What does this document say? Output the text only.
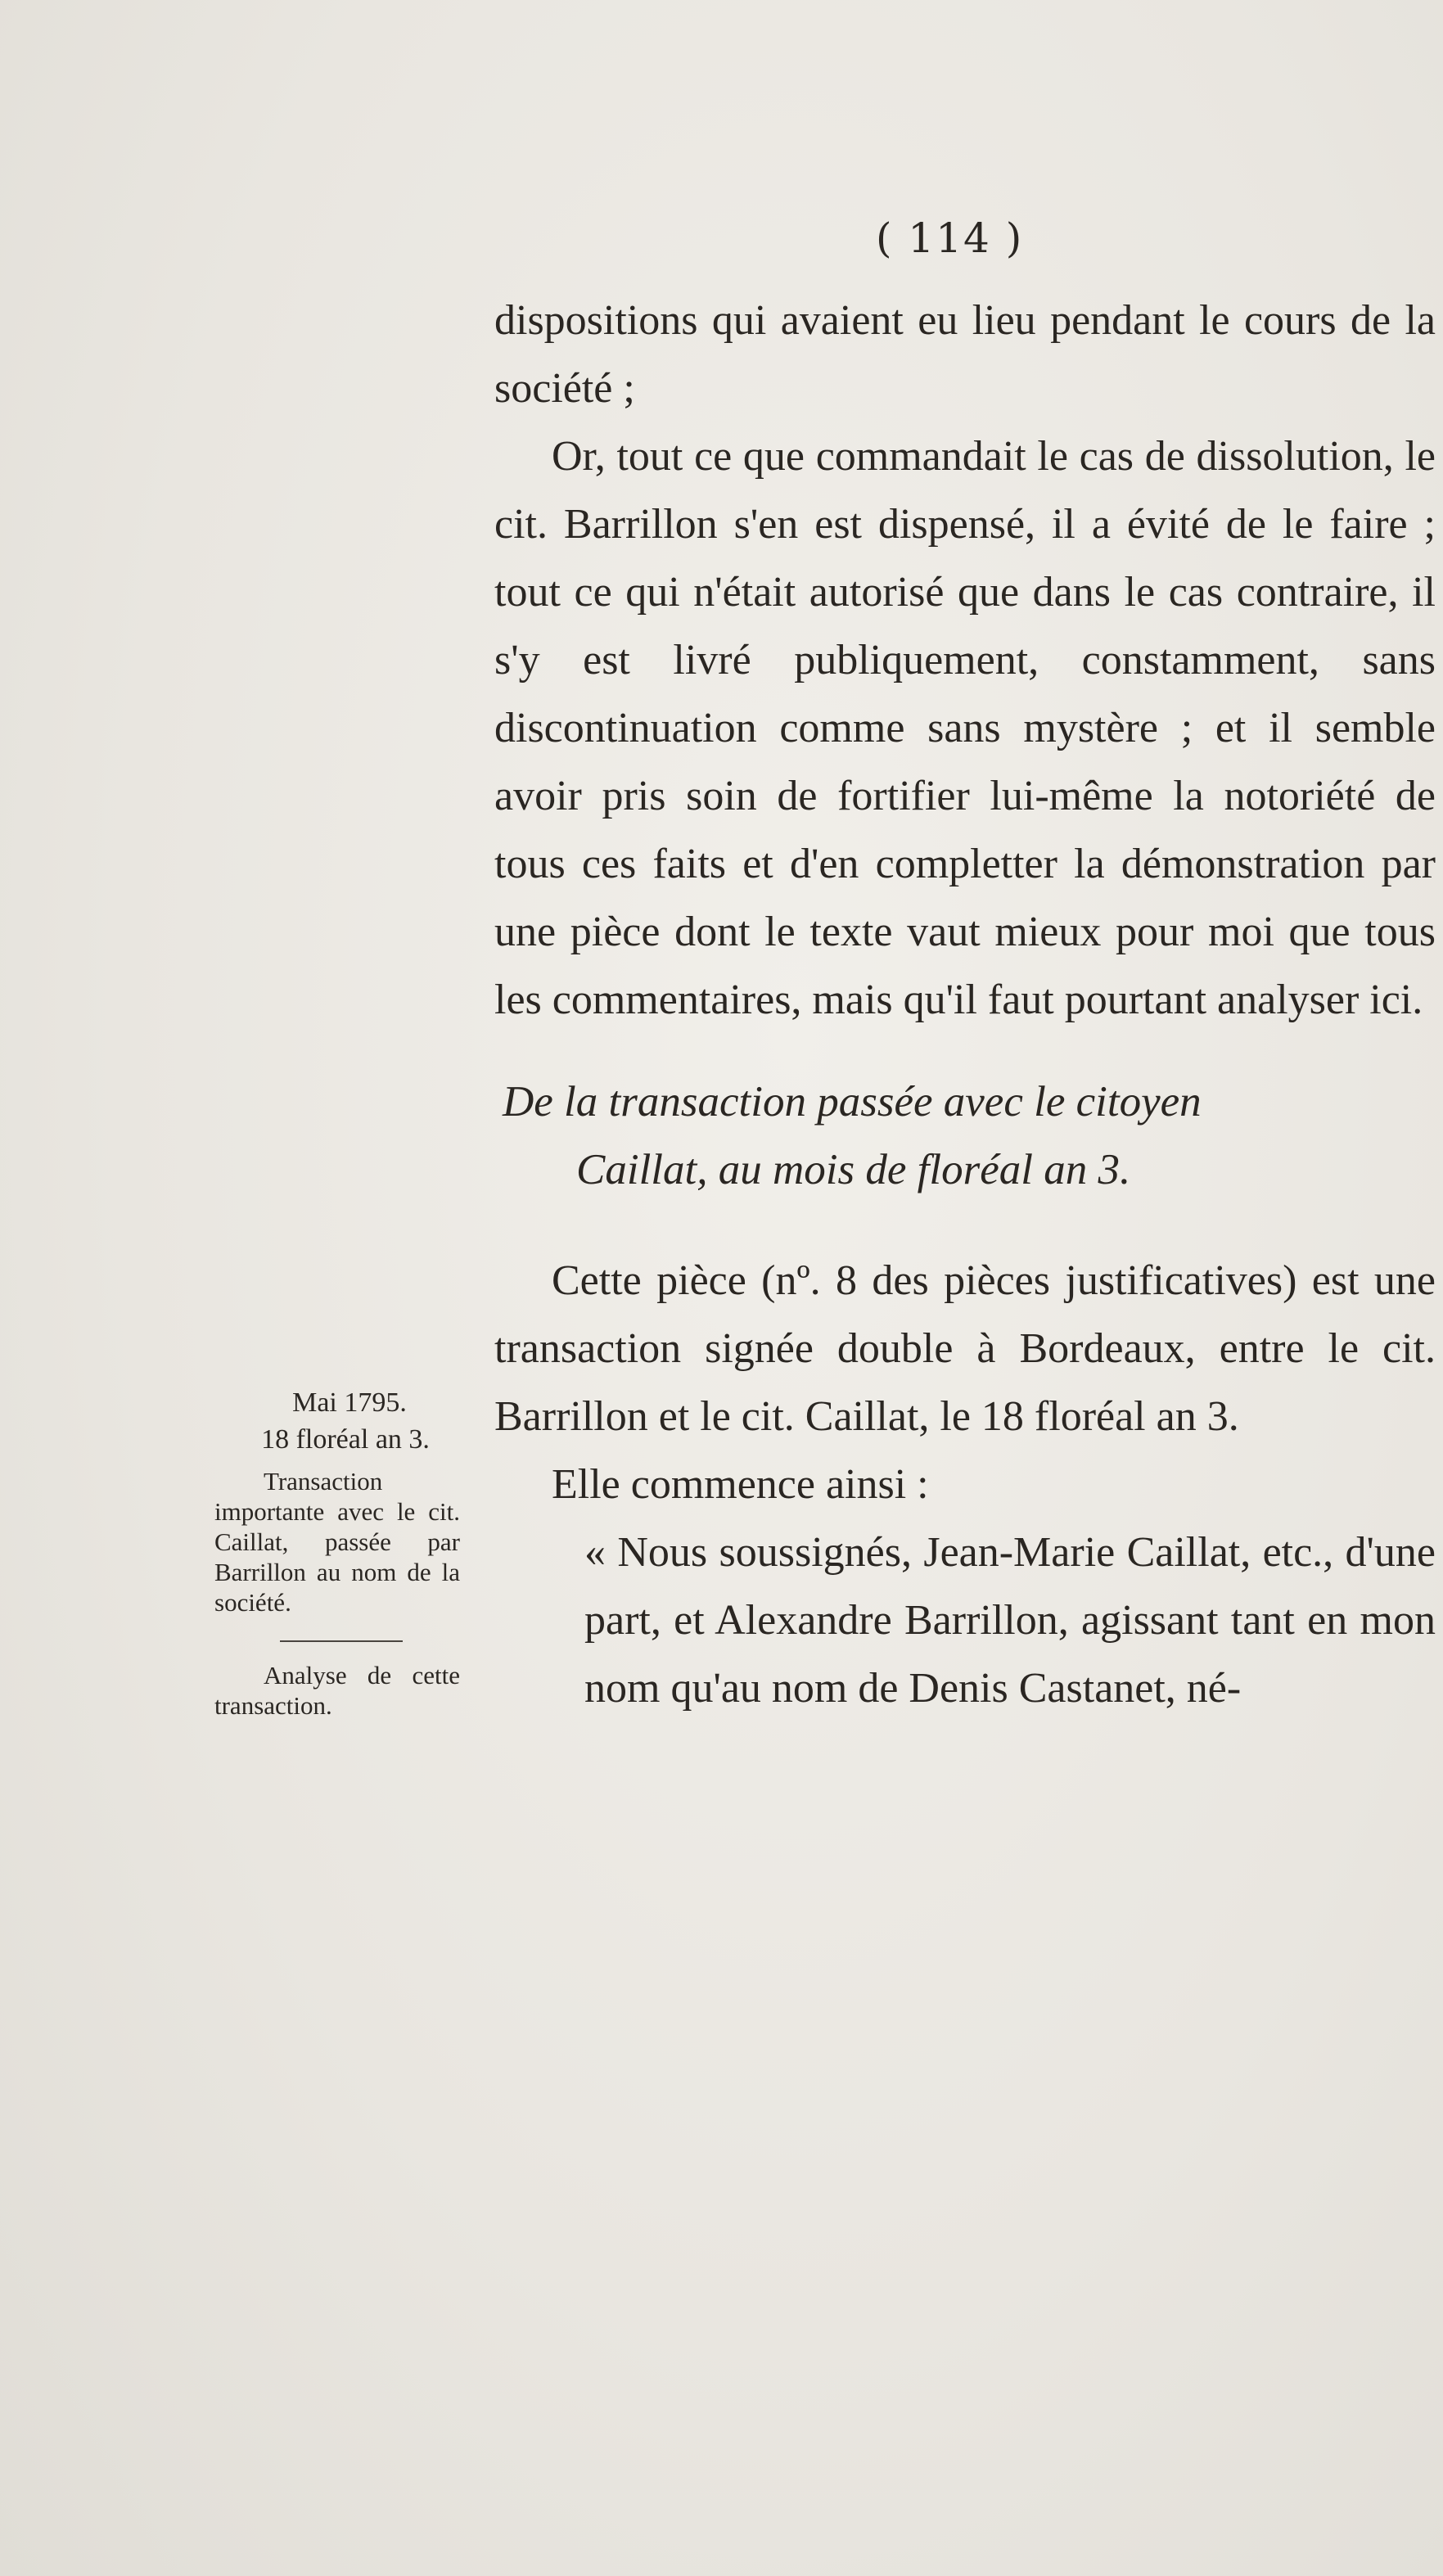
( 114 )

dispositions qui avaient eu lieu pendant le cours de la société ;

Or, tout ce que commandait le cas de dissolution, le cit. Barrillon s'en est dispensé, il a évité de le faire ; tout ce qui n'était autorisé que dans le cas contraire, il s'y est livré publiquement, constamment, sans discontinuation comme sans mystère ; et il semble avoir pris soin de fortifier lui-même la notoriété de tous ces faits et d'en completter la démonstration par une pièce dont le texte vaut mieux pour moi que tous les commentaires, mais qu'il faut pourtant analyser ici.

De la transaction passée avec le citoyen
Caillat, au mois de floréal an 3.

Cette pièce (nº. 8 des pièces justificatives) est une transaction signée double à Bordeaux, entre le cit. Barrillon et le cit. Caillat, le 18 floréal an 3.

Elle commence ainsi :

« Nous soussignés, Jean-Marie Caillat, etc., d'une part, et Alexandre Barrillon, agissant tant en mon nom qu'au nom de Denis Castanet, né-

Mai 1795.
18 floréal an 3.
Transaction importante avec le cit. Caillat, passée par Barrillon au nom de la société.
Analyse de cette transaction.
